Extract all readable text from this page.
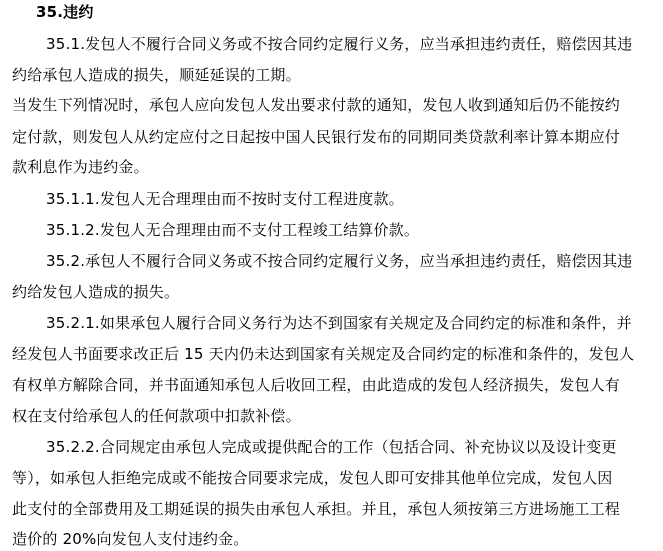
35.违约
35.1.发包人不履行合同义务或不按合同约定履行义务，应当承担违约责任，赔偿因其违
约给承包人造成的损失，顺延延误的工期。
当发生下列情况时，承包人应向发包人发出要求付款的通知，发包人收到通知后仍不能按约
定付款，则发包人从约定应付之日起按中国人民银行发布的同期同类贷款利率计算本期应付
款利息作为违约金。
35.1.1.发包人无合理理由而不按时支付工程进度款。
35.1.2.发包人无合理理由而不支付工程竣工结算价款。
35.2.承包人不履行合同义务或不按合同约定履行义务，应当承担违约责任，赔偿因其违
约给发包人造成的损失。
35.2.1.如果承包人履行合同义务行为达不到国家有关规定及合同约定的标准和条件，并
经发包人书面要求改正后 15 天内仍未达到国家有关规定及合同约定的标准和条件的，发包人
有权单方解除合同，并书面通知承包人后收回工程，由此造成的发包人经济损失，发包人有
权在支付给承包人的任何款项中扣款补偿。
35.2.2.合同规定由承包人完成或提供配合的工作（包括合同、补充协议以及设计变更
等），如承包人拒绝完成或不能按合同要求完成，发包人即可安排其他单位完成，发包人因
此支付的全部费用及工期延误的损失由承包人承担。并且，承包人须按第三方进场施工工程
造价的 20%向发包人支付违约金。
